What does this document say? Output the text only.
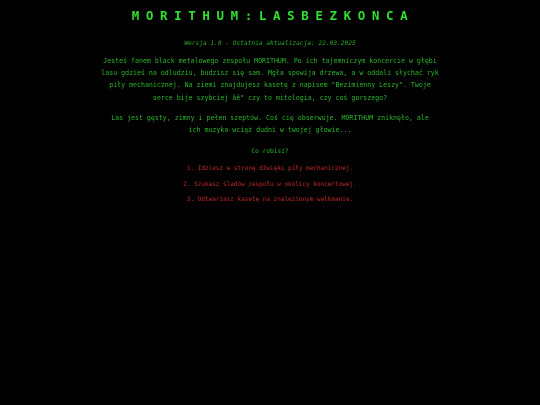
MORITHUM:LASBEZKONCA
Wersja 1.0 - Ostatnia aktualizacja: 22.03.2025

Jesteś fanem black metalowego zespołu MORITHUM. Po ich tajemniczym koncercie w głębi lasu gdzieś na odludziu, budzisz się sam. Mgła spowija drzewa, a w oddali słychać ryk piły mechanicznej. Na ziemi znajdujesz kasetę z napisem "Bezimienny Leszy". Twoje serce bije szybciej âĕ" czy to mitologia, czy coś gorszego?

Las jest gęsty, zimny i pełen szeptów. Coś cię obserwuje. MORITHUM zniknęło, ale ich muzyka wciąż dudni w twojej głowie...

Co robisz?
1. Idziesz w stronę dźwięku piły mechanicznej.
2. Szukasz śladów zespołu w okolicy koncertowej.
3. Odtwarzasz kasetę na znalezionym walkmanie.
